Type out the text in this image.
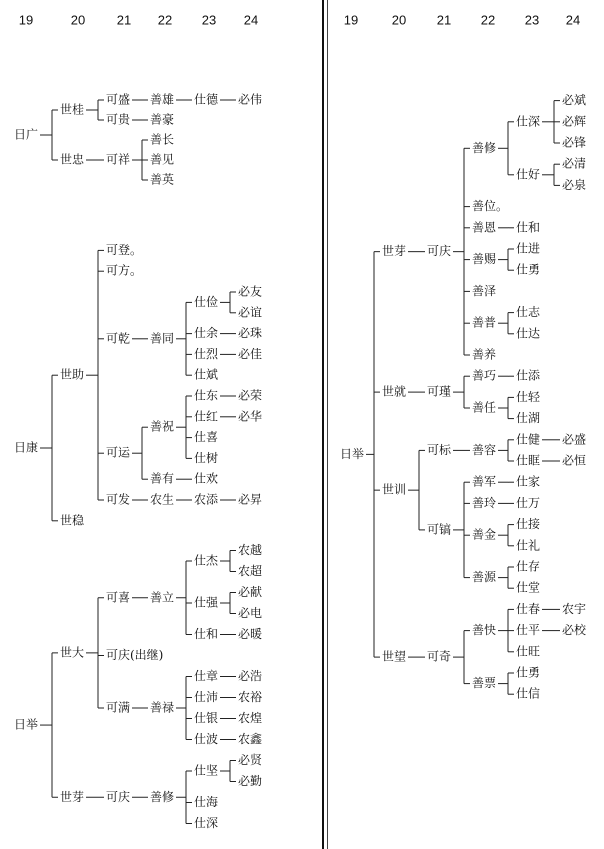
19	19
20	20
21	21
22	22
23	23
24	24
日广
世桂
可盛 善雄 仕德 必伟
可贵 善豪
世忠 可祥
善长
善见
善英
日康
世助
可登。
可方。
可乾 善同
仕俭
必友
必谊
仕余 必珠
仕烈 必佳
仕斌
可运
善祝
仕东 必荣
仕红 必华
仕喜
仕树
善有 仕欢
可发 农生 农添 必昇
世稳
日举
世大
可喜 善立
仕杰
农越
农超
仕强
必献
必电
仕和 必暖
可庆(出继)
可满 善禄
仕章 必浩
仕沛 农裕
仕银 农煌
仕波 农鑫
世芽 可庆 善修
仕坚
必贤
必勤
仕海
仕深
日举
世芽 可庆
善修
仕深
必斌
必辉
必锋
仕好
必清
必泉
善位。
善恩 仕和
善赐
仕进
仕勇
善泽
善普
仕志
仕达
善养
世就 可瑾
善巧 仕添
善任
仕轻
仕湖
世训
可标 善容
仕健 必盛
仕眶 必恒
可镐
善军 仕家
善玲 仕万
善金
仕接
仕礼
善源
仕存
仕堂
世望 可奇
善快
仕春 农宇
仕平 必校
仕旺
善票
仕勇
仕信
